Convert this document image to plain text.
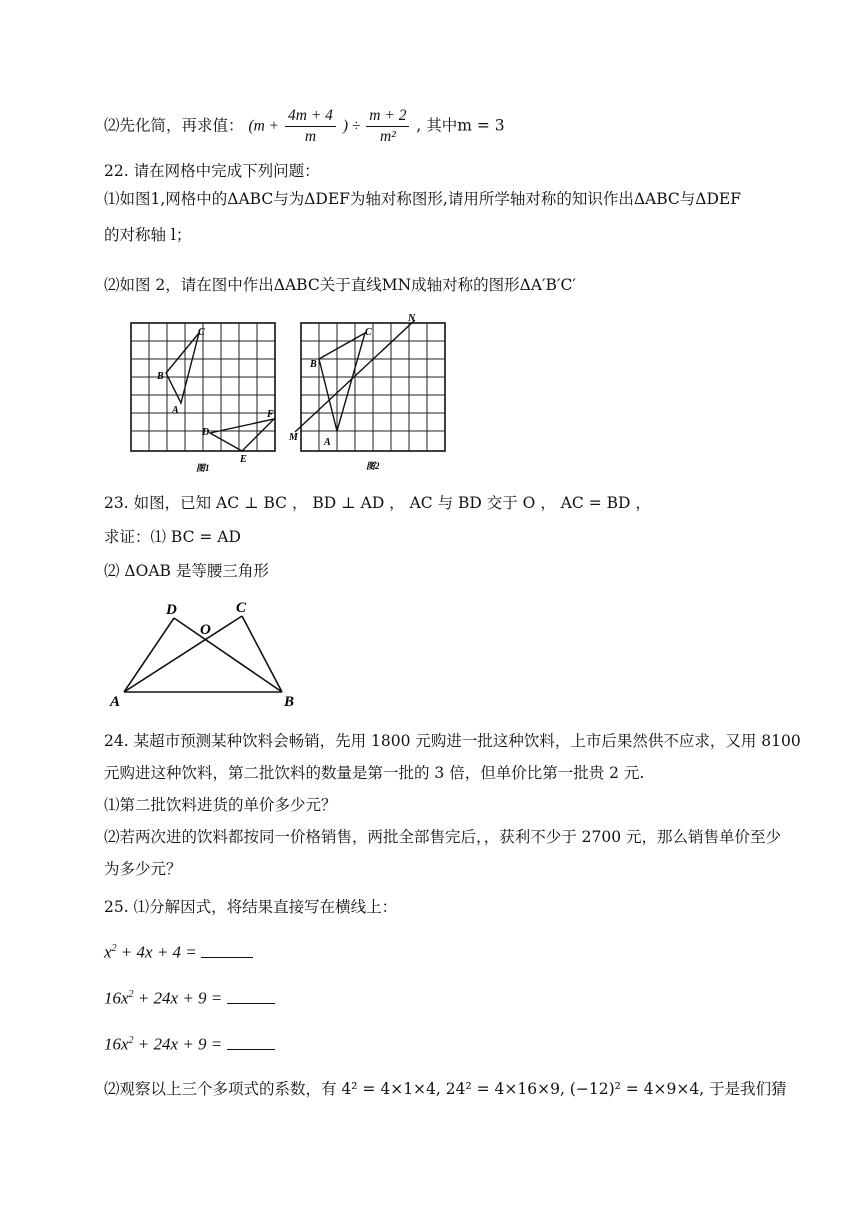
⑵先化简，再求值： ($m + \frac{4m + 4}{m}$ ) ÷ $\frac{m + 2}{\text{m²}}$ , 其中m = 3
22. 请在网格中完成下列问题：
⑴如图1,网格中的ΔABC与为ΔDEF为轴对称图形,请用所学轴对称的知识作出ΔABC与ΔDEF
的对称轴 l；
⑵如图 2，请在图中作出ΔABC关于直线MN成轴对称的图形ΔA′B′C′
C
B
A
D
E
F
图1
C
B
A
M
N
图2
23. 如图，已知 AC ⊥ BC ， BD ⊥ AD ， AC 与 BD 交于 O ， AC = BD ，
求证：⑴ BC = AD
⑵ ΔOAB 是等腰三角形
A	B
C
D
O
24. 某超市预测某种饮料会畅销，先用 1800 元购进一批这种饮料，上市后果然供不应求，又用 8100
元购进这种饮料，第二批饮料的数量是第一批的 3 倍，但单价比第一批贵 2 元.
⑴第二批饮料进货的单价多少元？
⑵若两次进的饮料都按同一价格销售，两批全部售完后，，获利不少于 2700 元，那么销售单价至少
为多少元？
25. ⑴分解因式，将结果直接写在横线上：
$x^2 + 4x + 4$ =
$16x^2 + 24x + 9$ =
$16x^2 + 24x + 9$ =
⑵观察以上三个多项式的系数，有 4² = 4×1×4, 24² = 4×16×9, (−12)² = 4×9×4, 于是我们猜
